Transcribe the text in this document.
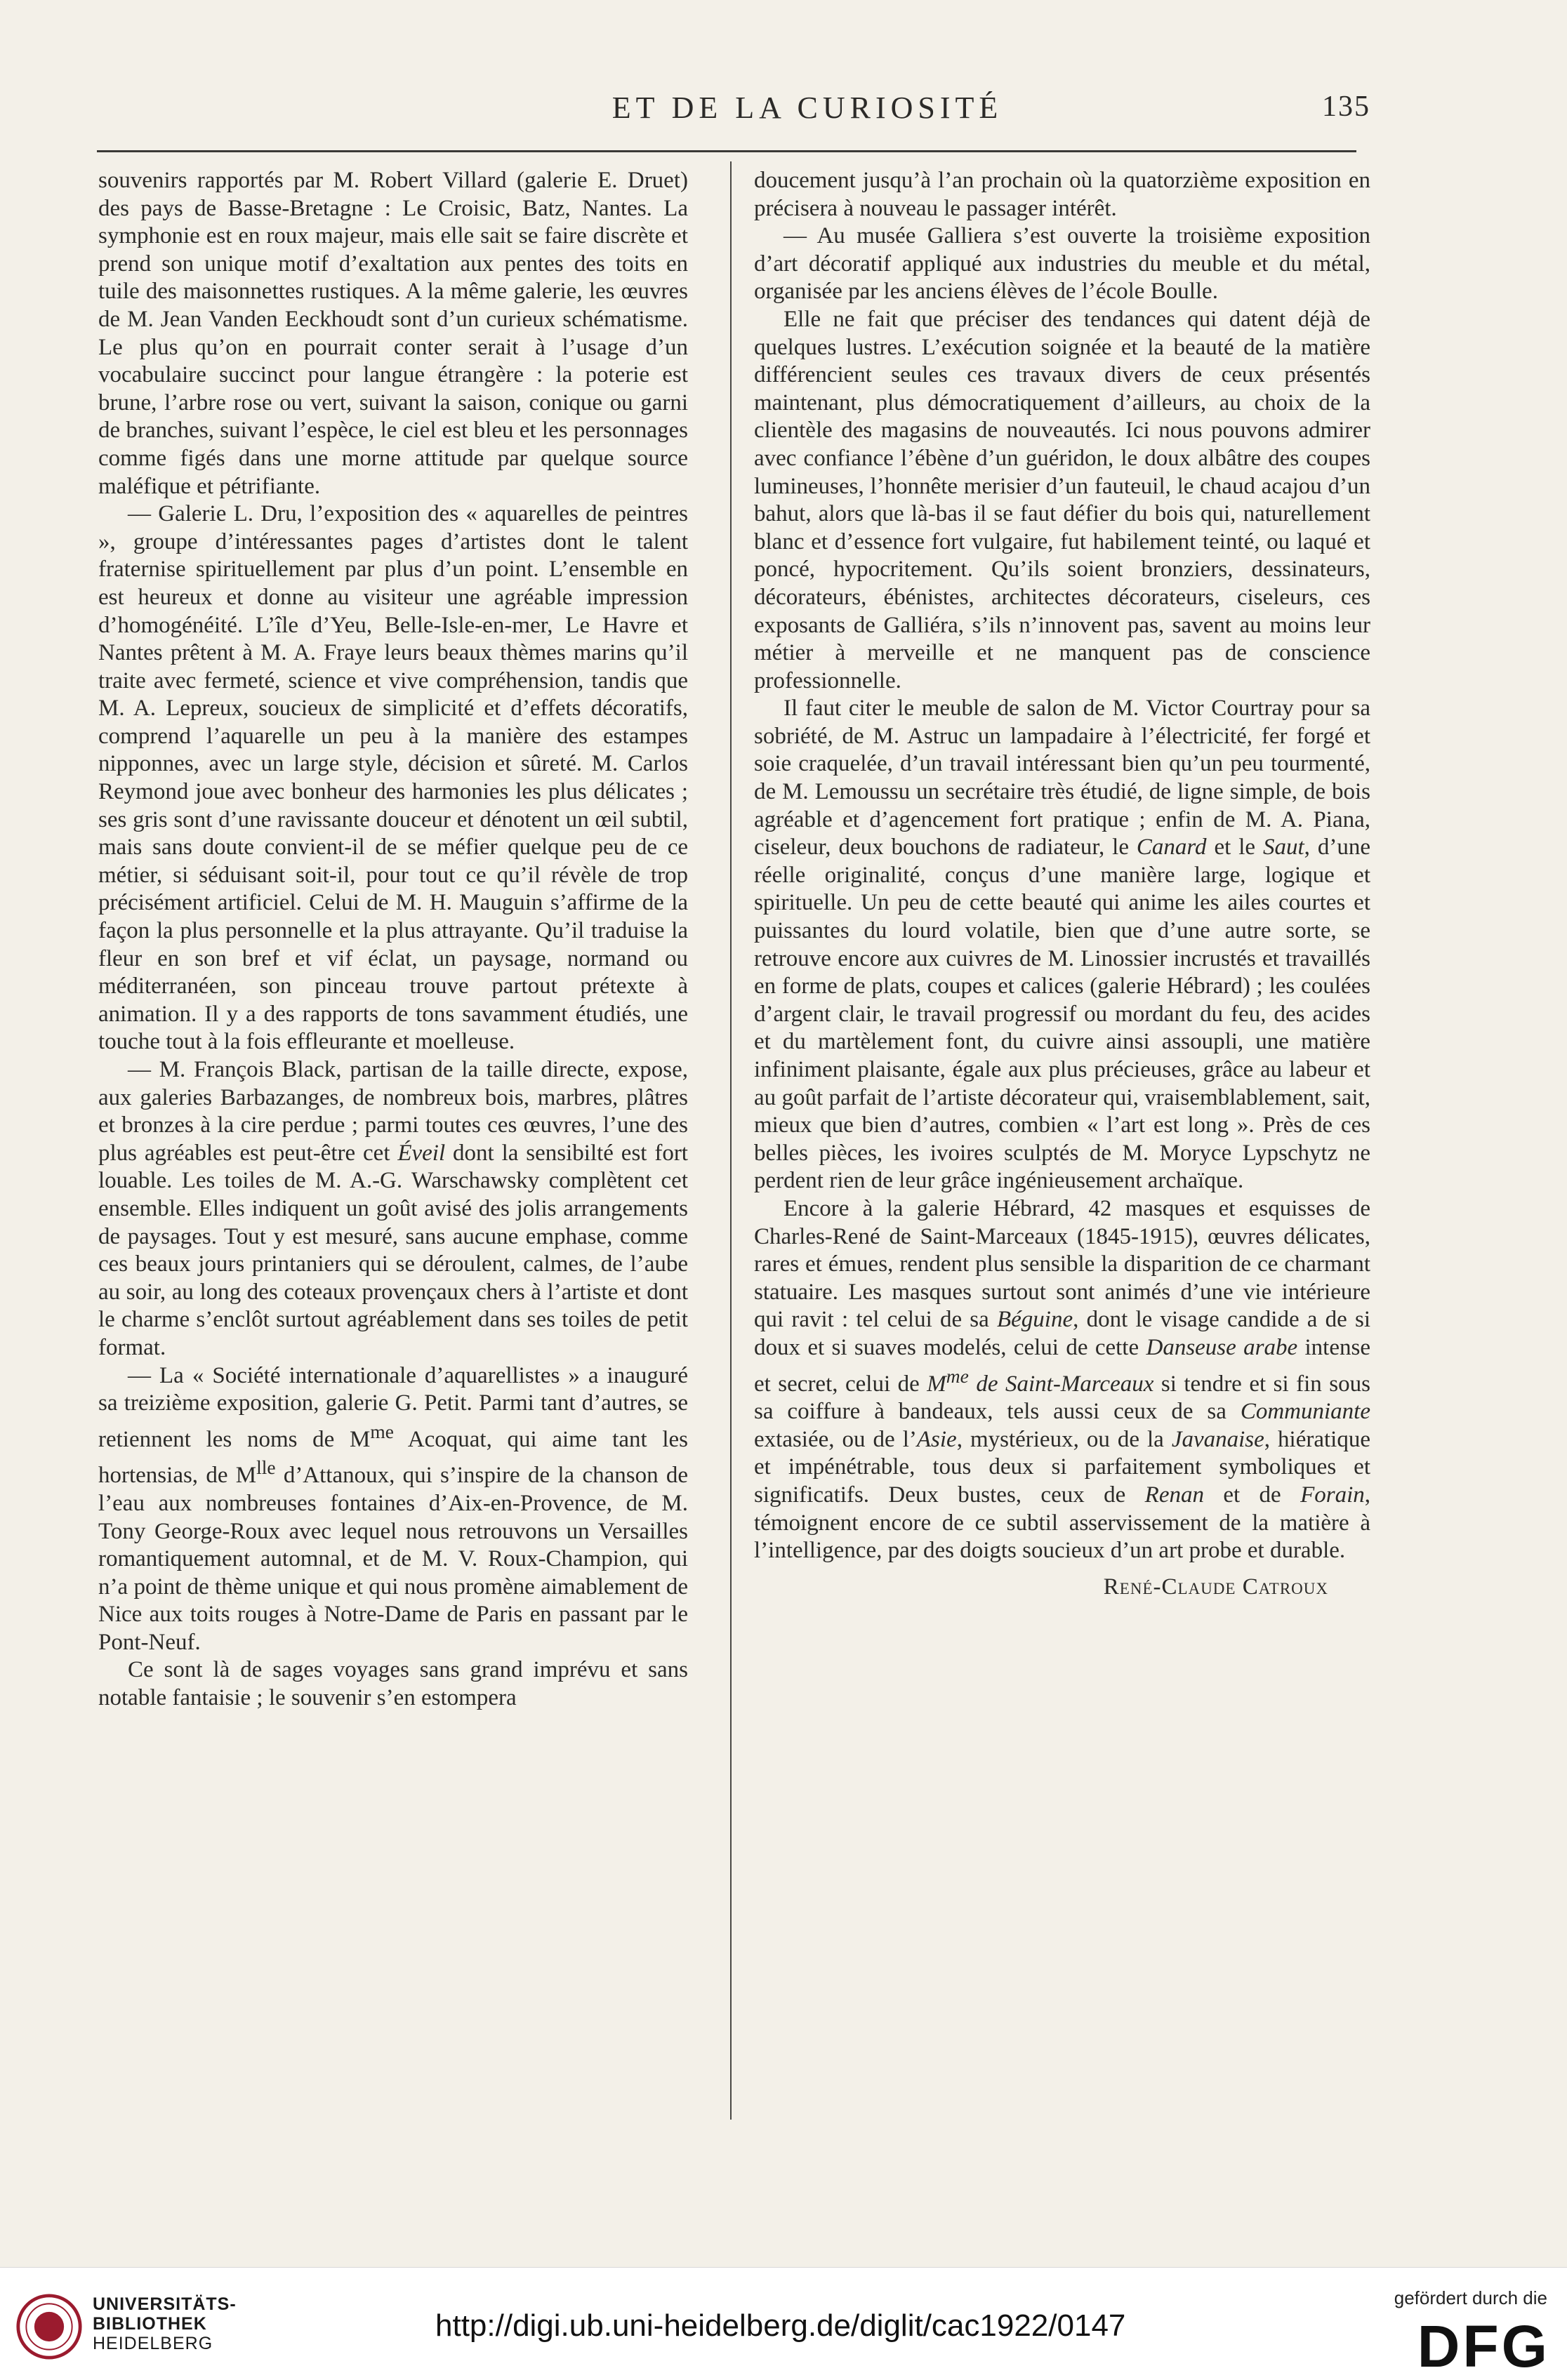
ET DE LA CURIOSITÉ	135

souvenirs rapportés par M. Robert Villard (galerie E. Druet) des pays de Basse-Bretagne : Le Croisic, Batz, Nantes. La symphonie est en roux majeur, mais elle sait se faire discrète et prend son unique motif d’exaltation aux pentes des toits en tuile des maisonnettes rustiques. A la même galerie, les œuvres de M. Jean Vanden Eeckhoudt sont d’un curieux schématisme. Le plus qu’on en pourrait conter serait à l’usage d’un vocabulaire succinct pour langue étrangère : la poterie est brune, l’arbre rose ou vert, suivant la saison, conique ou garni de branches, suivant l’espèce, le ciel est bleu et les personnages comme figés dans une morne attitude par quelque source maléfique et pétrifiante.

— Galerie L. Dru, l’exposition des « aquarelles de peintres », groupe d’intéressantes pages d’artistes dont le talent fraternise spirituellement par plus d’un point. L’ensemble en est heureux et donne au visiteur une agréable impression d’homogénéité. L’île d’Yeu, Belle-Isle-en-mer, Le Havre et Nantes prêtent à M. A. Fraye leurs beaux thèmes marins qu’il traite avec fermeté, science et vive compréhension, tandis que M. A. Lepreux, soucieux de simplicité et d’effets décoratifs, comprend l’aquarelle un peu à la manière des estampes nipponnes, avec un large style, décision et sûreté. M. Carlos Reymond joue avec bonheur des harmonies les plus délicates ; ses gris sont d’une ravissante douceur et dénotent un œil subtil, mais sans doute convient-il de se méfier quelque peu de ce métier, si séduisant soit-il, pour tout ce qu’il révèle de trop précisément artificiel. Celui de M. H. Mauguin s’affirme de la façon la plus personnelle et la plus attrayante. Qu’il traduise la fleur en son bref et vif éclat, un paysage, normand ou méditerranéen, son pinceau trouve partout prétexte à animation. Il y a des rapports de tons savamment étudiés, une touche tout à la fois effleurante et moelleuse.

— M. François Black, partisan de la taille directe, expose, aux galeries Barbazanges, de nombreux bois, marbres, plâtres et bronzes à la cire perdue ; parmi toutes ces œuvres, l’une des plus agréables est peut-être cet Éveil dont la sensibilté est fort louable. Les toiles de M. A.-G. Warschawsky complètent cet ensemble. Elles indiquent un goût avisé des jolis arrangements de paysages. Tout y est mesuré, sans aucune emphase, comme ces beaux jours printaniers qui se déroulent, calmes, de l’aube au soir, au long des coteaux provençaux chers à l’artiste et dont le charme s’enclôt surtout agréablement dans ses toiles de petit format.

— La « Société internationale d’aquarellistes » a inauguré sa treizième exposition, galerie G. Petit. Parmi tant d’autres, se retiennent les noms de $M^{me}$ Acoquat, qui aime tant les hortensias, de $M^{lle}$ d’Attanoux, qui s’inspire de la chanson de l’eau aux nombreuses fontaines d’Aix-en-Provence, de M. Tony George-Roux avec lequel nous retrouvons un Versailles romantiquement automnal, et de M. V. Roux-Champion, qui n’a point de thème unique et qui nous promène aimablement de Nice aux toits rouges à Notre-Dame de Paris en passant par le Pont-Neuf.

Ce sont là de sages voyages sans grand imprévu et sans notable fantaisie ; le souvenir s’en estompera

doucement jusqu’à l’an prochain où la quatorzième exposition en précisera à nouveau le passager intérêt.

— Au musée Galliera s’est ouverte la troisième exposition d’art décoratif appliqué aux industries du meuble et du métal, organisée par les anciens élèves de l’école Boulle.

Elle ne fait que préciser des tendances qui datent déjà de quelques lustres. L’exécution soignée et la beauté de la matière différencient seules ces travaux divers de ceux présentés maintenant, plus démocratiquement d’ailleurs, au choix de la clientèle des magasins de nouveautés. Ici nous pouvons admirer avec confiance l’ébène d’un guéridon, le doux albâtre des coupes lumineuses, l’honnête merisier d’un fauteuil, le chaud acajou d’un bahut, alors que là-bas il se faut défier du bois qui, naturellement blanc et d’essence fort vulgaire, fut habilement teinté, ou laqué et poncé, hypocritement. Qu’ils soient bronziers, dessinateurs, décorateurs, ébénistes, architectes décorateurs, ciseleurs, ces exposants de Galliéra, s’ils n’innovent pas, savent au moins leur métier à merveille et ne manquent pas de conscience professionnelle.

Il faut citer le meuble de salon de M. Victor Courtray pour sa sobriété, de M. Astruc un lampadaire à l’électricité, fer forgé et soie craquelée, d’un travail intéressant bien qu’un peu tourmenté, de M. Lemoussu un secrétaire très étudié, de ligne simple, de bois agréable et d’agencement fort pratique ; enfin de M. A. Piana, ciseleur, deux bouchons de radiateur, le Canard et le Saut, d’une réelle originalité, conçus d’une manière large, logique et spirituelle. Un peu de cette beauté qui anime les ailes courtes et puissantes du lourd volatile, bien que d’une autre sorte, se retrouve encore aux cuivres de M. Linossier incrustés et travaillés en forme de plats, coupes et calices (galerie Hébrard) ; les coulées d’argent clair, le travail progressif ou mordant du feu, des acides et du martèlement font, du cuivre ainsi assoupli, une matière infiniment plaisante, égale aux plus précieuses, grâce au labeur et au goût parfait de l’artiste décorateur qui, vraisemblablement, sait, mieux que bien d’autres, combien « l’art est long ». Près de ces belles pièces, les ivoires sculptés de M. Moryce Lypschytz ne perdent rien de leur grâce ingénieusement archaïque.

Encore à la galerie Hébrard, 42 masques et esquisses de Charles-René de Saint-Marceaux (1845-1915), œuvres délicates, rares et émues, rendent plus sensible la disparition de ce charmant statuaire. Les masques surtout sont animés d’une vie intérieure qui ravit : tel celui de sa Béguine, dont le visage candide a de si doux et si suaves modelés, celui de cette Danseuse arabe intense et secret, celui de $M^{me}$ de Saint-Marceaux si tendre et si fin sous sa coiffure à bandeaux, tels aussi ceux de sa Communiante extasiée, ou de l’Asie, mystérieux, ou de la Javanaise, hiératique et impénétrable, tous deux si parfaitement symboliques et significatifs. Deux bustes, ceux de Renan et de Forain, témoignent encore de ce subtil asservissement de la matière à l’intelligence, par des doigts soucieux d’un art probe et durable.

René-Claude Catroux

UNIVERSITÄTS-
BIBLIOTHEK
HEIDELBERG
http://digi.ub.uni-heidelberg.de/diglit/cac1922/0147
gefördert durch die
DFG
